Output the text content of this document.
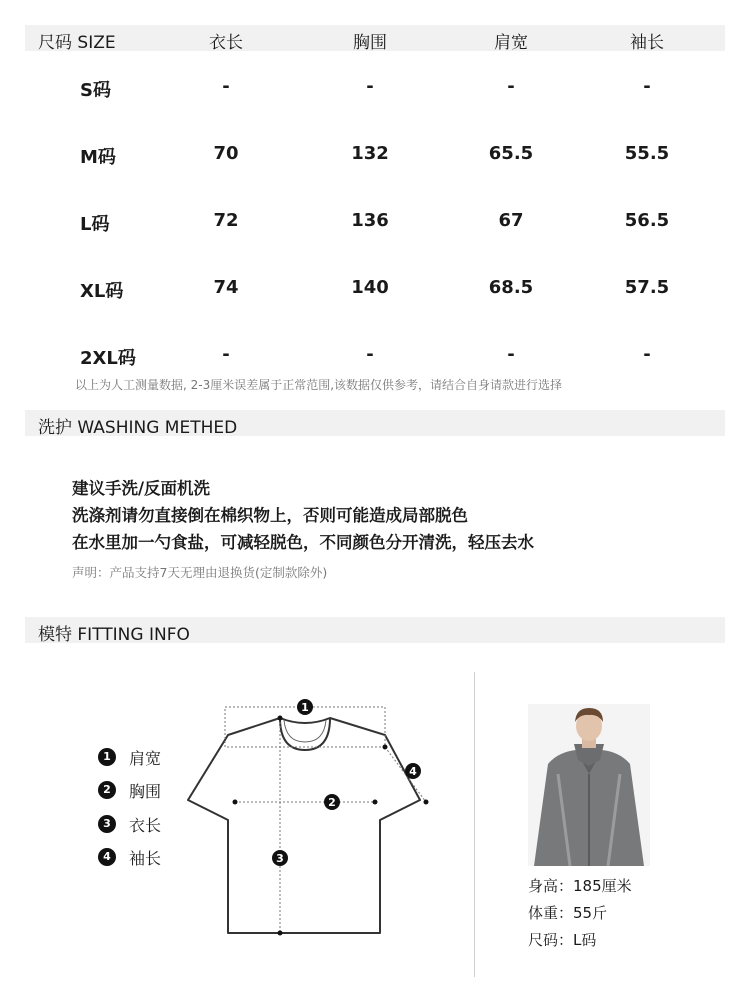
尺码 SIZE	衣长	胸围	肩宽	袖长
S码	-	-	-	-
M码	70	132	65.5	55.5
L码	72	136	67	56.5
XL码	74	140	68.5	57.5
2XL码	-	-	-	-
以上为人工测量数据, 2-3厘米误差属于正常范围,该数据仅供参考，请结合自身请款进行选择
洗护 WASHING METHED
建议手洗/反面机洗
洗涤剂请勿直接倒在棉织物上，否则可能造成局部脱色
在水里加一勺食盐，可减轻脱色，不同颜色分开清洗，轻压去水
声明：产品支持7天无理由退换货(定制款除外)
模特 FITTING INFO
1	肩宽
2	胸围
3	衣长
4	袖长
1
2
3
4
身高：185厘米
体重：55斤
尺码：L码
